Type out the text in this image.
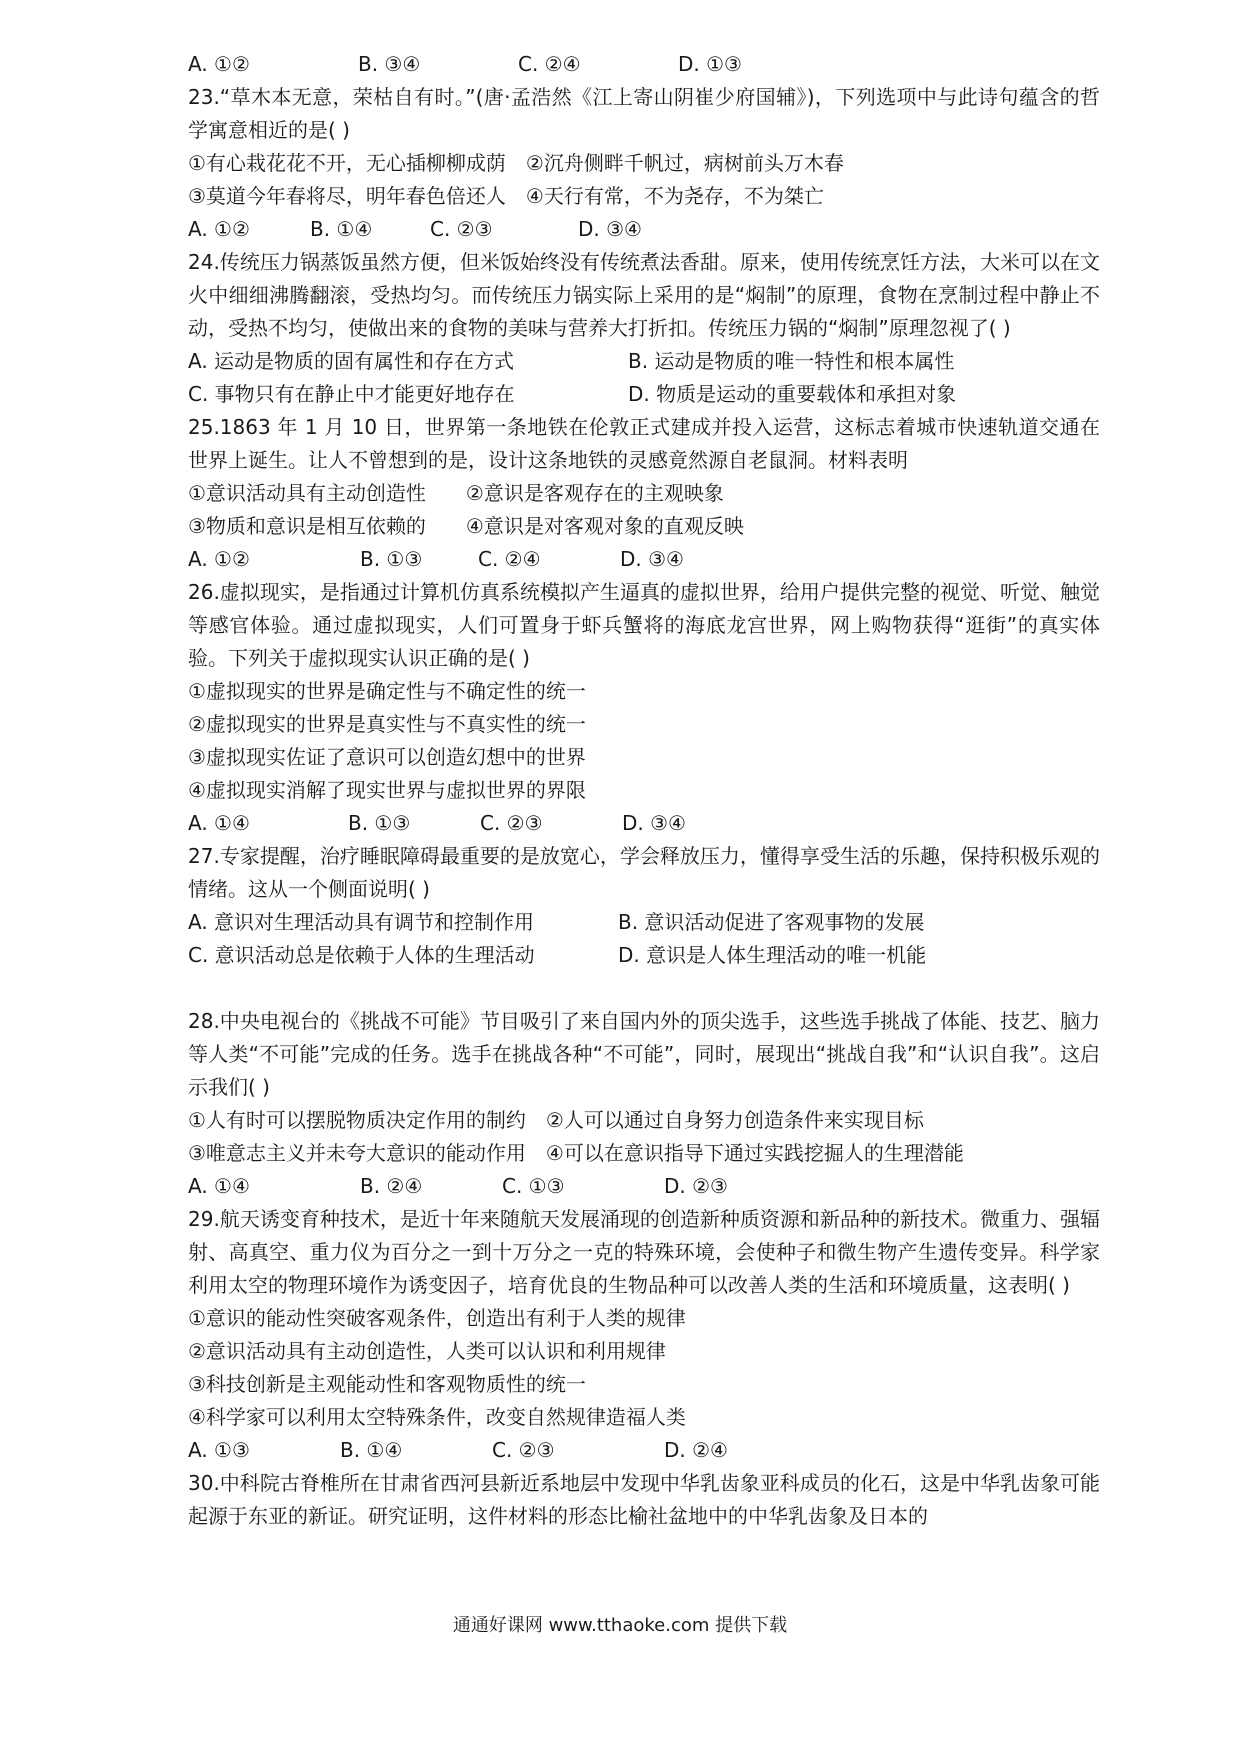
A. ①②	B. ③④	C. ②④	D. ①③
23.“草木本无意，荣枯自有时。”(唐·孟浩然《江上寄山阴崔少府国辅》)，下列选项中与此诗句蕴含的哲学寓意相近的是( )
①有心栽花花不开，无心插柳柳成荫　②沉舟侧畔千帆过，病树前头万木春
③莫道今年春将尽，明年春色倍还人　④天行有常，不为尧存，不为桀亡
A. ①②	B. ①④	C. ②③	D. ③④
24.传统压力锅蒸饭虽然方便，但米饭始终没有传统煮法香甜。原来，使用传统烹饪方法，大米可以在文火中细细沸腾翻滚，受热均匀。而传统压力锅实际上采用的是“焖制”的原理，食物在烹制过程中静止不动，受热不均匀，使做出来的食物的美味与营养大打折扣。传统压力锅的“焖制”原理忽视了( )
A. 运动是物质的固有属性和存在方式	B. 运动是物质的唯一特性和根本属性
C. 事物只有在静止中才能更好地存在	D. 物质是运动的重要载体和承担对象
25.1863 年 1 月 10 日，世界第一条地铁在伦敦正式建成并投入运营，这标志着城市快速轨道交通在世界上诞生。让人不曾想到的是，设计这条地铁的灵感竟然源自老鼠洞。材料表明
①意识活动具有主动创造性　　②意识是客观存在的主观映象
③物质和意识是相互依赖的　　④意识是对客观对象的直观反映
A. ①②	B. ①③	C. ②④	D. ③④
26.虚拟现实，是指通过计算机仿真系统模拟产生逼真的虚拟世界，给用户提供完整的视觉、听觉、触觉等感官体验。通过虚拟现实，人们可置身于虾兵蟹将的海底龙宫世界，网上购物获得“逛街”的真实体验。下列关于虚拟现实认识正确的是( )
①虚拟现实的世界是确定性与不确定性的统一
②虚拟现实的世界是真实性与不真实性的统一
③虚拟现实佐证了意识可以创造幻想中的世界
④虚拟现实消解了现实世界与虚拟世界的界限
A. ①④	B. ①③	C. ②③	D. ③④
27.专家提醒，治疗睡眠障碍最重要的是放宽心，学会释放压力，懂得享受生活的乐趣，保持积极乐观的情绪。这从一个侧面说明( )
A. 意识对生理活动具有调节和控制作用	B. 意识活动促进了客观事物的发展
C. 意识活动总是依赖于人体的生理活动	D. 意识是人体生理活动的唯一机能
28.中央电视台的《挑战不可能》节目吸引了来自国内外的顶尖选手，这些选手挑战了体能、技艺、脑力等人类“不可能”完成的任务。选手在挑战各种“不可能”，同时，展现出“挑战自我”和“认识自我”。这启示我们( )
①人有时可以摆脱物质决定作用的制约　②人可以通过自身努力创造条件来实现目标
③唯意志主义并未夸大意识的能动作用　④可以在意识指导下通过实践挖掘人的生理潜能
A. ①④	B. ②④	C. ①③	D. ②③
29.航天诱变育种技术，是近十年来随航天发展涌现的创造新种质资源和新品种的新技术。微重力、强辐射、高真空、重力仪为百分之一到十万分之一克的特殊环境，会使种子和微生物产生遗传变异。科学家利用太空的物理环境作为诱变因子，培育优良的生物品种可以改善人类的生活和环境质量，这表明( )
①意识的能动性突破客观条件，创造出有利于人类的规律
②意识活动具有主动创造性，人类可以认识和利用规律
③科技创新是主观能动性和客观物质性的统一
④科学家可以利用太空特殊条件，改变自然规律造福人类
A. ①③	B. ①④	C. ②③	D. ②④
30.中科院古脊椎所在甘肃省西河县新近系地层中发现中华乳齿象亚科成员的化石，这是中华乳齿象可能起源于东亚的新证。研究证明，这件材料的形态比榆社盆地中的中华乳齿象及日本的
通通好课网 www.tthaoke.com 提供下载
